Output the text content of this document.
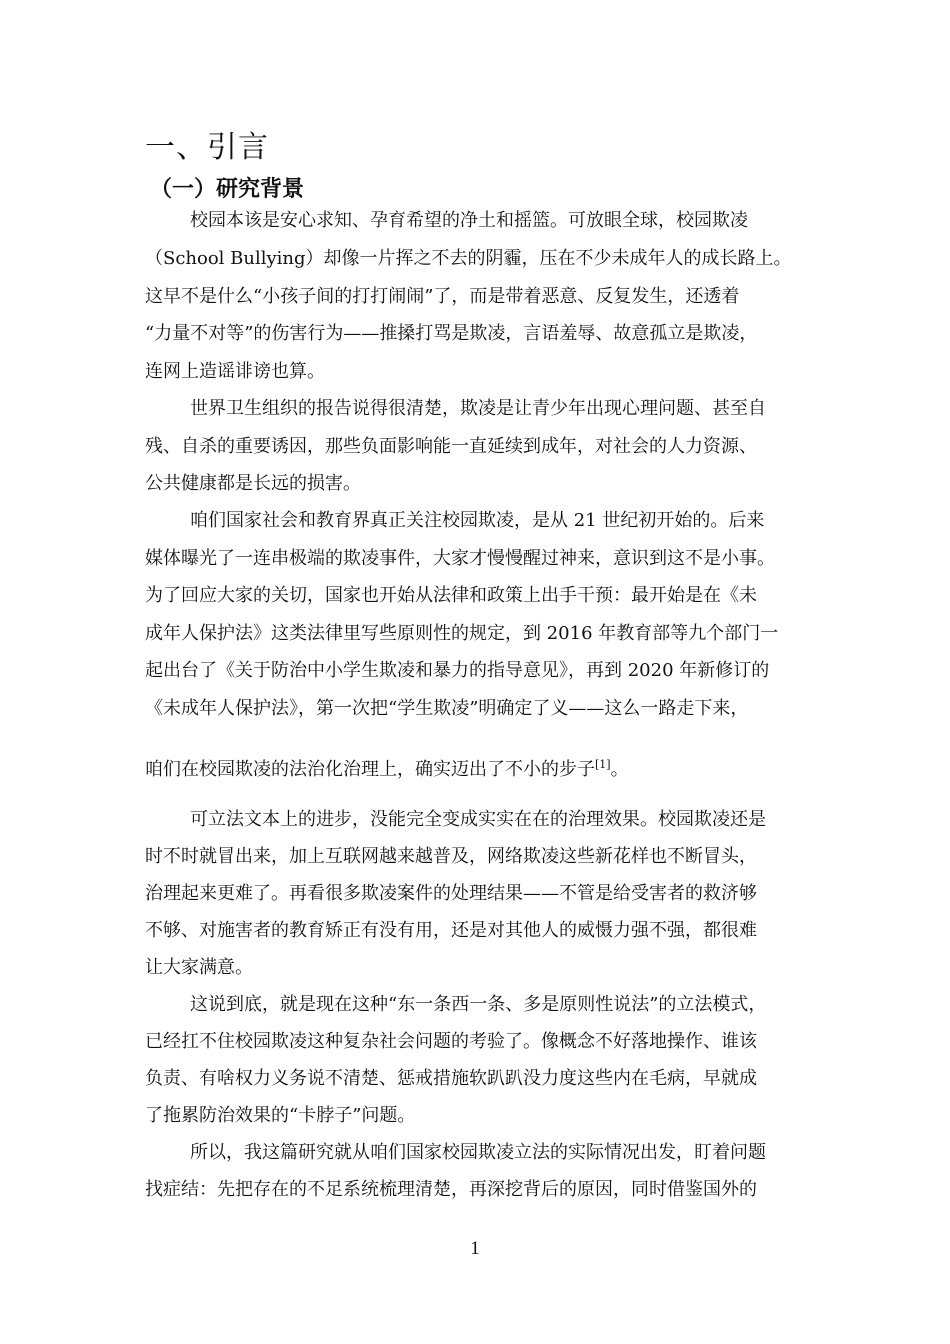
一、引言
（一）研究背景

校园本该是安心求知、孕育希望的净土和摇篮。可放眼全球，校园欺凌

（School Bullying）却像一片挥之不去的阴霾，压在不少未成年人的成长路上。

这早不是什么“小孩子间的打打闹闹”了，而是带着恶意、反复发生，还透着

“力量不对等”的伤害行为——推搡打骂是欺凌，言语羞辱、故意孤立是欺凌，

连网上造谣诽谤也算。

世界卫生组织的报告说得很清楚，欺凌是让青少年出现心理问题、甚至自

残、自杀的重要诱因，那些负面影响能一直延续到成年，对社会的人力资源、

公共健康都是长远的损害。

咱们国家社会和教育界真正关注校园欺凌，是从 21 世纪初开始的。后来

媒体曝光了一连串极端的欺凌事件，大家才慢慢醒过神来，意识到这不是小事。

为了回应大家的关切，国家也开始从法律和政策上出手干预：最开始是在《未

成年人保护法》这类法律里写些原则性的规定，到 2016 年教育部等九个部门一

起出台了《关于防治中小学生欺凌和暴力的指导意见》，再到 2020 年新修订的

《未成年人保护法》，第一次把“学生欺凌”明确定了义——这么一路走下来，

咱们在校园欺凌的法治化治理上，确实迈出了不小的步子[1]。

可立法文本上的进步，没能完全变成实实在在的治理效果。校园欺凌还是

时不时就冒出来，加上互联网越来越普及，网络欺凌这些新花样也不断冒头，

治理起来更难了。再看很多欺凌案件的处理结果——不管是给受害者的救济够

不够、对施害者的教育矫正有没有用，还是对其他人的威慑力强不强，都很难

让大家满意。

这说到底，就是现在这种“东一条西一条、多是原则性说法”的立法模式，

已经扛不住校园欺凌这种复杂社会问题的考验了。像概念不好落地操作、谁该

负责、有啥权力义务说不清楚、惩戒措施软趴趴没力度这些内在毛病，早就成

了拖累防治效果的“卡脖子”问题。

所以，我这篇研究就从咱们国家校园欺凌立法的实际情况出发，盯着问题

找症结：先把存在的不足系统梳理清楚，再深挖背后的原因，同时借鉴国外的

1
